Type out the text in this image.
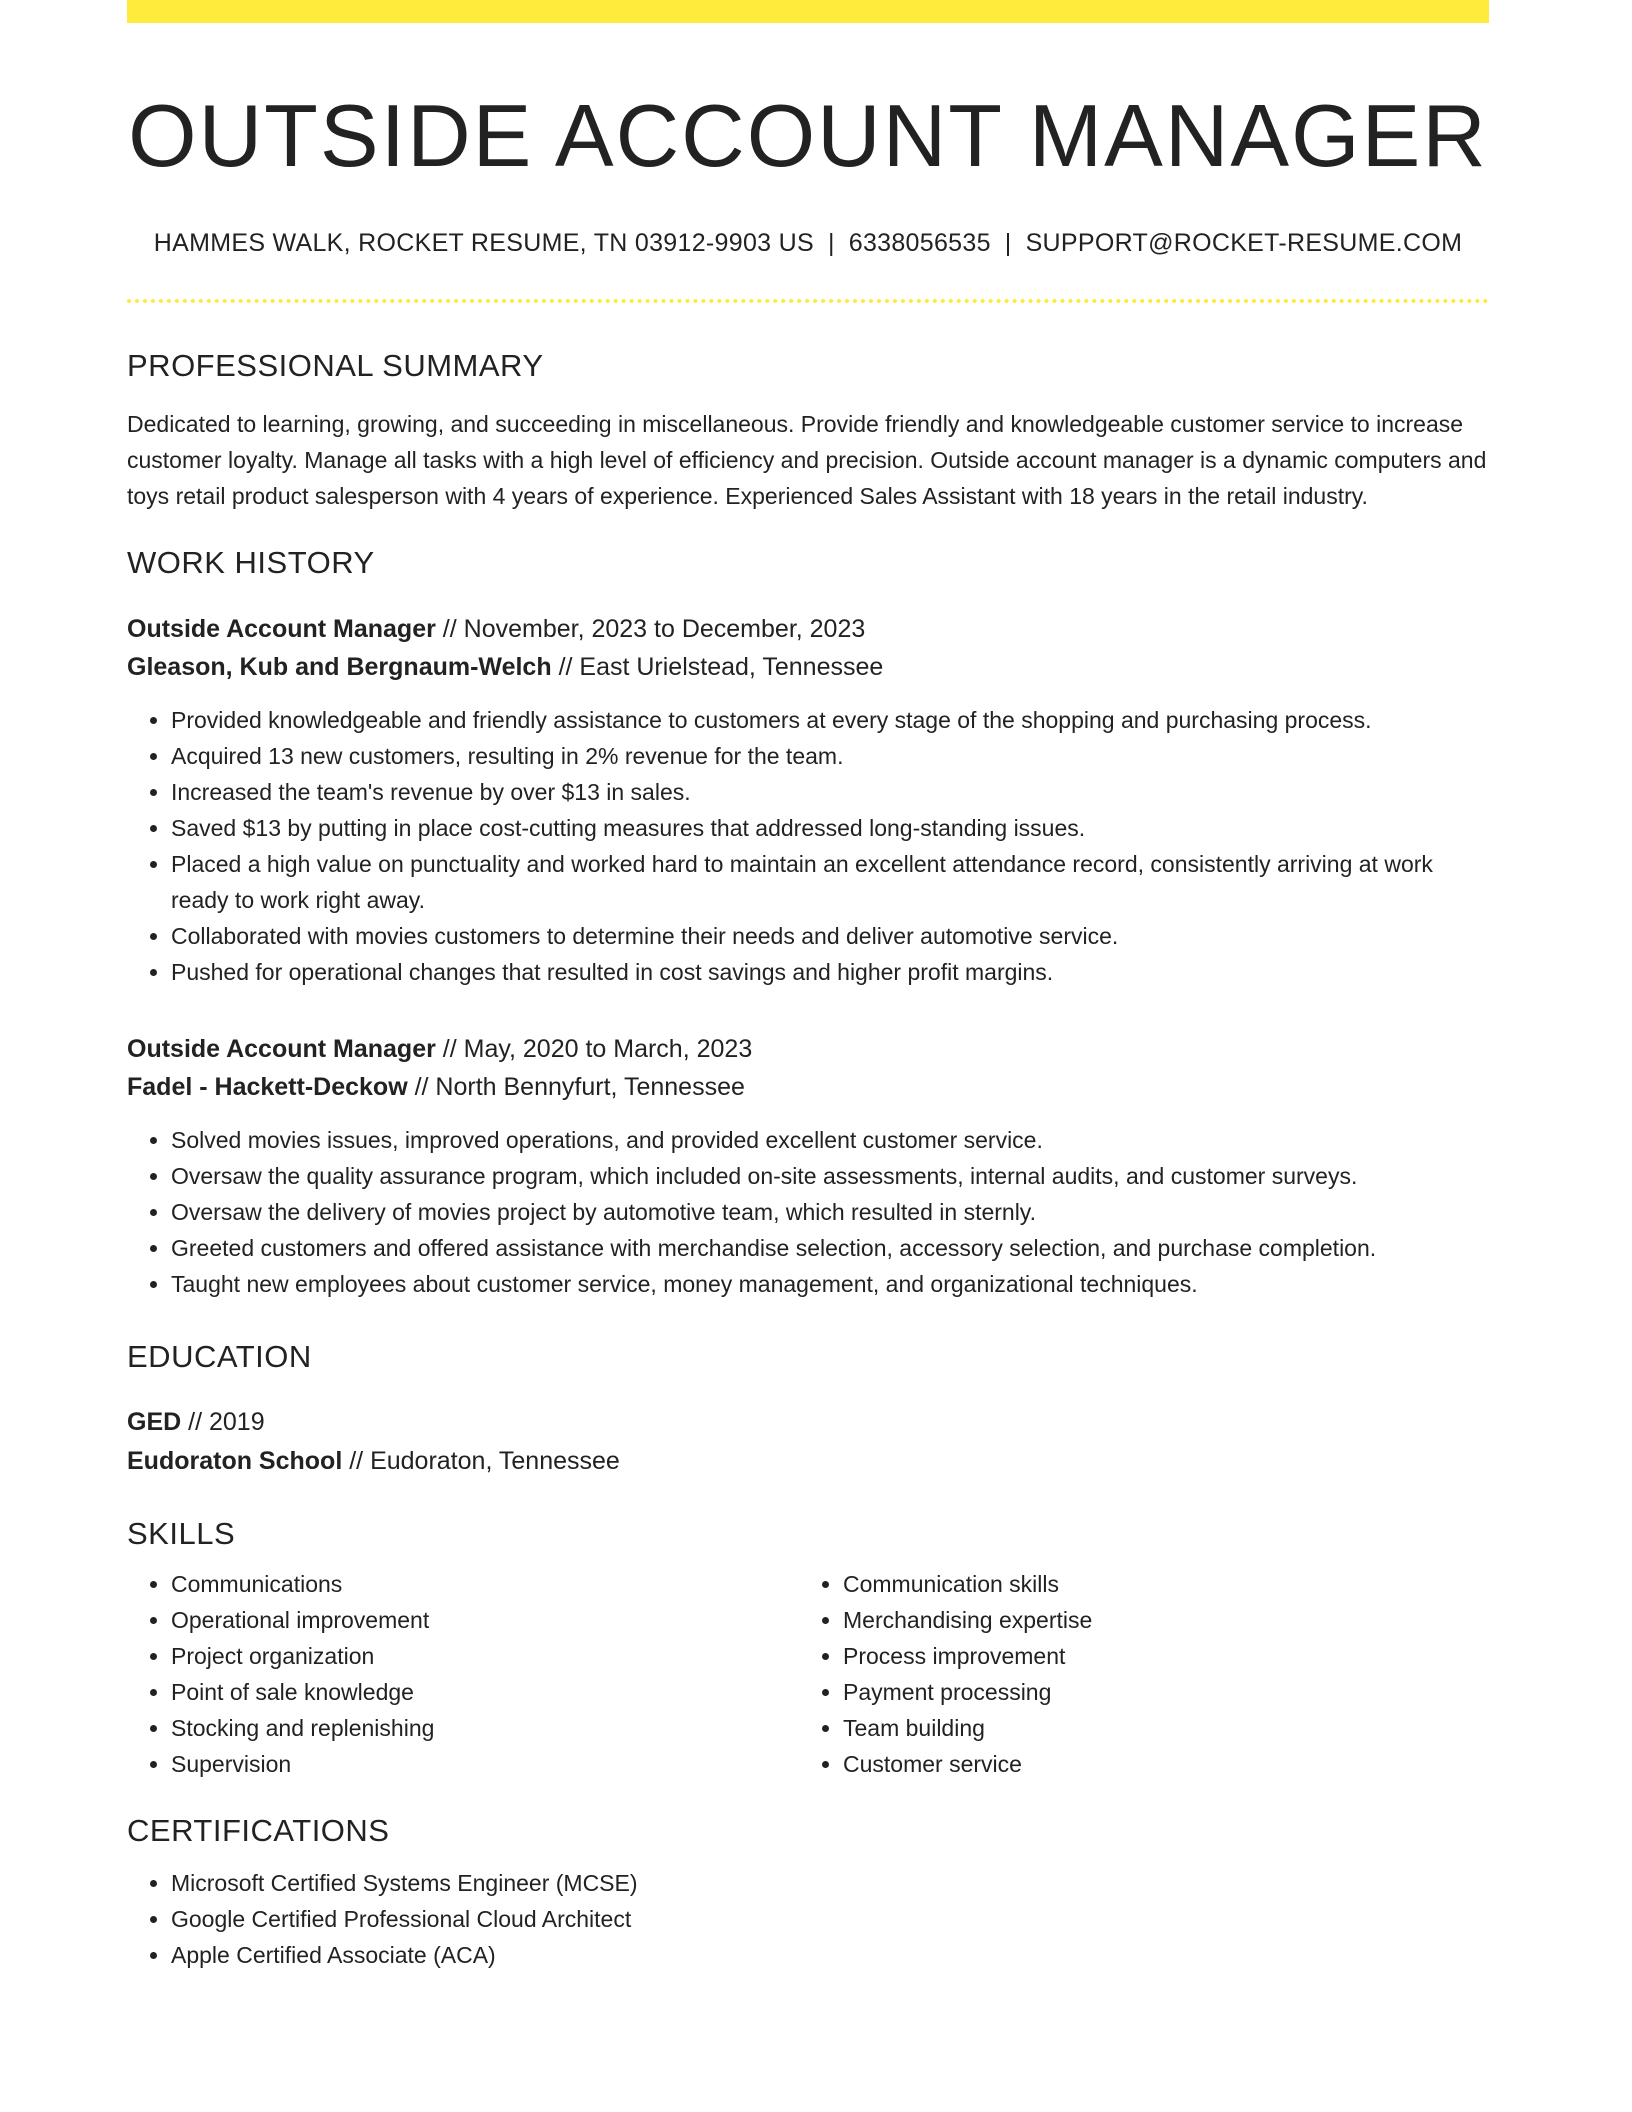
OUTSIDE ACCOUNT MANAGER
HAMMES WALK, ROCKET RESUME, TN 03912-9903 US | 6338056535 | SUPPORT@ROCKET-RESUME.COM
PROFESSIONAL SUMMARY
Dedicated to learning, growing, and succeeding in miscellaneous. Provide friendly and knowledgeable customer service to increase customer loyalty. Manage all tasks with a high level of efficiency and precision. Outside account manager is a dynamic computers and toys retail product salesperson with 4 years of experience. Experienced Sales Assistant with 18 years in the retail industry.
WORK HISTORY
Outside Account Manager // November, 2023 to December, 2023
Gleason, Kub and Bergnaum-Welch // East Urielstead, Tennessee
• Provided knowledgeable and friendly assistance to customers at every stage of the shopping and purchasing process.
• Acquired 13 new customers, resulting in 2% revenue for the team.
• Increased the team's revenue by over $13 in sales.
• Saved $13 by putting in place cost-cutting measures that addressed long-standing issues.
• Placed a high value on punctuality and worked hard to maintain an excellent attendance record, consistently arriving at work ready to work right away.
• Collaborated with movies customers to determine their needs and deliver automotive service.
• Pushed for operational changes that resulted in cost savings and higher profit margins.
Outside Account Manager // May, 2020 to March, 2023
Fadel - Hackett-Deckow // North Bennyfurt, Tennessee
• Solved movies issues, improved operations, and provided excellent customer service.
• Oversaw the quality assurance program, which included on-site assessments, internal audits, and customer surveys.
• Oversaw the delivery of movies project by automotive team, which resulted in sternly.
• Greeted customers and offered assistance with merchandise selection, accessory selection, and purchase completion.
• Taught new employees about customer service, money management, and organizational techniques.
EDUCATION
GED // 2019
Eudoraton School // Eudoraton, Tennessee
SKILLS
• Communications
• Operational improvement
• Project organization
• Point of sale knowledge
• Stocking and replenishing
• Supervision
• Communication skills
• Merchandising expertise
• Process improvement
• Payment processing
• Team building
• Customer service
CERTIFICATIONS
• Microsoft Certified Systems Engineer (MCSE)
• Google Certified Professional Cloud Architect
• Apple Certified Associate (ACA)
